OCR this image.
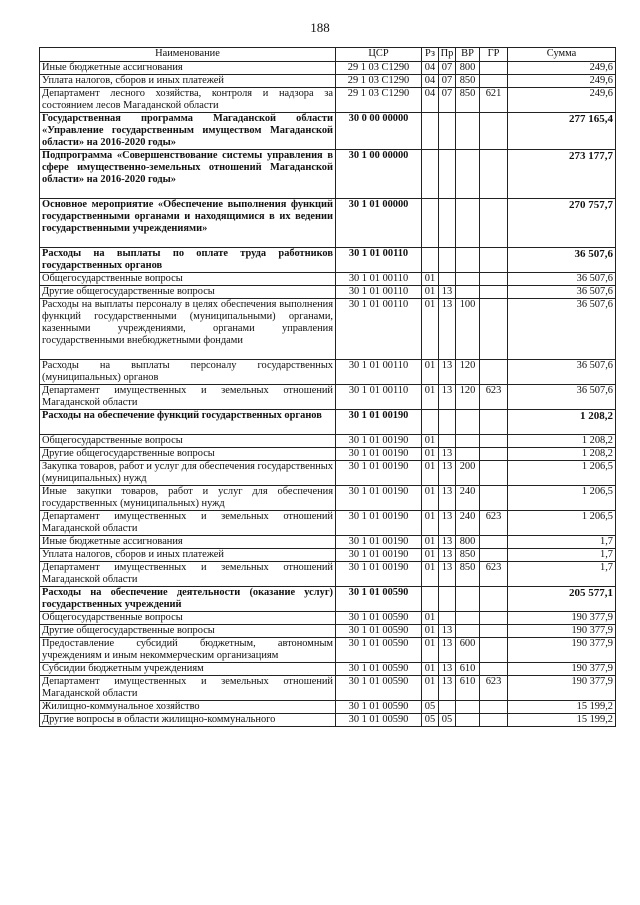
188
Наименование	ЦСР	Рз	Пр	ВР	ГР	Сумма
Иные бюджетные ассигнования	29 1 03 С1290	04	07	800		249,6
Уплата налогов, сборов и иных платежей	29 1 03 С1290	04	07	850		249,6
Департамент лесного хозяйства, контроля и надзора за состоянием лесов Магаданской области	29 1 03 С1290	04	07	850	621	249,6
Государственная программа Магаданской области «Управление государственным имуществом Магаданской области» на 2016-2020 годы»	30 0 00 00000					277 165,4
Подпрограмма «Совершенствование системы управления в сфере имущественно-земельных отношений Магаданской области» на 2016-2020 годы»	30 1 00 00000					273 177,7
Основное мероприятие «Обеспечение выполнения функций государственными органами и находящимися в их ведении государственными учреждениями»	30 1 01 00000					270 757,7
Расходы на выплаты по оплате труда работников государственных органов	30 1 01 00110					36 507,6
Общегосударственные вопросы	30 1 01 00110	01				36 507,6
Другие общегосударственные вопросы	30 1 01 00110	01	13			36 507,6
Расходы на выплаты персоналу в целях обеспечения выполнения функций государственными (муниципальными) органами, казенными учреждениями, органами управления государственными внебюджетными фондами	30 1 01 00110	01	13	100		36 507,6
Расходы на выплаты персоналу государственных (муниципальных) органов	30 1 01 00110	01	13	120		36 507,6
Департамент имущественных и земельных отношений Магаданской области	30 1 01 00110	01	13	120	623	36 507,6
Расходы на обеспечение функций государственных органов	30 1 01 00190					1 208,2
Общегосударственные вопросы	30 1 01 00190	01				1 208,2
Другие общегосударственные вопросы	30 1 01 00190	01	13			1 208,2
Закупка товаров, работ и услуг для обеспечения государственных (муниципальных) нужд	30 1 01 00190	01	13	200		1 206,5
Иные закупки товаров, работ и услуг для обеспечения государственных (муниципальных) нужд	30 1 01 00190	01	13	240		1 206,5
Департамент имущественных и земельных отношений Магаданской области	30 1 01 00190	01	13	240	623	1 206,5
Иные бюджетные ассигнования	30 1 01 00190	01	13	800		1,7
Уплата налогов, сборов и иных платежей	30 1 01 00190	01	13	850		1,7
Департамент имущественных и земельных отношений Магаданской области	30 1 01 00190	01	13	850	623	1,7
Расходы на обеспечение деятельности (оказание услуг) государственных учреждений	30 1 01 00590					205 577,1
Общегосударственные вопросы	30 1 01 00590	01				190 377,9
Другие общегосударственные вопросы	30 1 01 00590	01	13			190 377,9
Предоставление субсидий бюджетным, автономным учреждениям и иным некоммерческим организациям	30 1 01 00590	01	13	600		190 377,9
Субсидии бюджетным учреждениям	30 1 01 00590	01	13	610		190 377,9
Департамент имущественных и земельных отношений Магаданской области	30 1 01 00590	01	13	610	623	190 377,9
Жилищно-коммунальное хозяйство	30 1 01 00590	05				15 199,2
Другие вопросы в области жилищно-коммунального	30 1 01 00590	05	05			15 199,2
